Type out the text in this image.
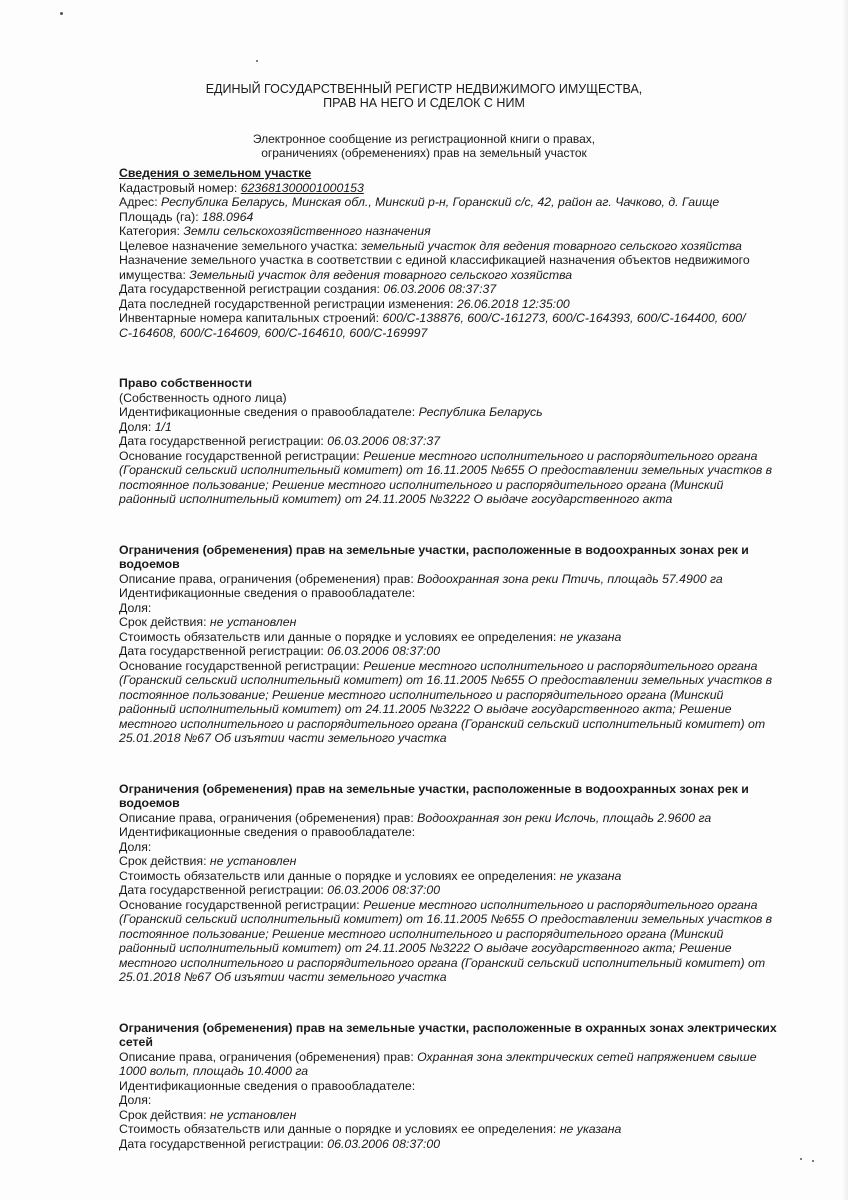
ЕДИНЫЙ ГОСУДАРСТВЕННЫЙ РЕГИСТР НЕДВИЖИМОГО ИМУЩЕСТВА,
ПРАВ НА НЕГО И СДЕЛОК С НИМ
Электронное сообщение из регистрационной книги о правах,
ограничениях (обременениях) прав на земельный участок
Сведения о земельном участке
Кадастровый номер: 623681300001000153
Адрес: Республика Беларусь, Минская обл., Минский р-н, Горанский с/с, 42, район аг. Чачково, д. Гаище
Площадь (га): 188.0964
Категория: Земли сельскохозяйственного назначения
Целевое назначение земельного участка: земельный участок для ведения товарного сельского хозяйства
Назначение земельного участка в соответствии с единой классификацией назначения объектов недвижимого имущества: Земельный участок для ведения товарного сельского хозяйства
Дата государственной регистрации создания: 06.03.2006 08:37:37
Дата последней государственной регистрации изменения: 26.06.2018 12:35:00
Инвентарные номера капитальных строений: 600/С-138876, 600/С-161273, 600/С-164393, 600/С-164400, 600/С-164608, 600/С-164609, 600/С-164610, 600/С-169997
Право собственности
(Собственность одного лица)
Идентификационные сведения о правообладателе: Республика Беларусь
Доля: 1/1
Дата государственной регистрации: 06.03.2006 08:37:37
Основание государственной регистрации: Решение местного исполнительного и распорядительного органа (Горанский сельский исполнительный комитет) от 16.11.2005 №655 О предоставлении земельных участков в постоянное пользование; Решение местного исполнительного и распорядительного органа (Минский районный исполнительный комитет) от 24.11.2005 №3222 О выдаче государственного акта
Ограничения (обременения) прав на земельные участки, расположенные в водоохранных зонах рек и водоемов
Описание права, ограничения (обременения) прав: Водоохранная зона реки Птичь, площадь 57.4900 га
Идентификационные сведения о правообладателе:
Доля:
Срок действия: не установлен
Стоимость обязательств или данные о порядке и условиях ее определения: не указана
Дата государственной регистрации: 06.03.2006 08:37:00
Основание государственной регистрации: Решение местного исполнительного и распорядительного органа (Горанский сельский исполнительный комитет) от 16.11.2005 №655 О предоставлении земельных участков в постоянное пользование; Решение местного исполнительного и распорядительного органа (Минский районный исполнительный комитет) от 24.11.2005 №3222 О выдаче государственного акта; Решение местного исполнительного и распорядительного органа (Горанский сельский исполнительный комитет) от 25.01.2018 №67 Об изъятии части земельного участка
Ограничения (обременения) прав на земельные участки, расположенные в водоохранных зонах рек и водоемов
Описание права, ограничения (обременения) прав: Водоохранная зон реки Ислочь, площадь 2.9600 га
Идентификационные сведения о правообладателе:
Доля:
Срок действия: не установлен
Стоимость обязательств или данные о порядке и условиях ее определения: не указана
Дата государственной регистрации: 06.03.2006 08:37:00
Основание государственной регистрации: Решение местного исполнительного и распорядительного органа (Горанский сельский исполнительный комитет) от 16.11.2005 №655 О предоставлении земельных участков в постоянное пользование; Решение местного исполнительного и распорядительного органа (Минский районный исполнительный комитет) от 24.11.2005 №3222 О выдаче государственного акта; Решение местного исполнительного и распорядительного органа (Горанский сельский исполнительный комитет) от 25.01.2018 №67 Об изъятии части земельного участка
Ограничения (обременения) прав на земельные участки, расположенные в охранных зонах электрических сетей
Описание права, ограничения (обременения) прав: Охранная зона электрических сетей напряжением свыше 1000 вольт, площадь 10.4000 га
Идентификационные сведения о правообладателе:
Доля:
Срок действия: не установлен
Стоимость обязательств или данные о порядке и условиях ее определения: не указана
Дата государственной регистрации: 06.03.2006 08:37:00
